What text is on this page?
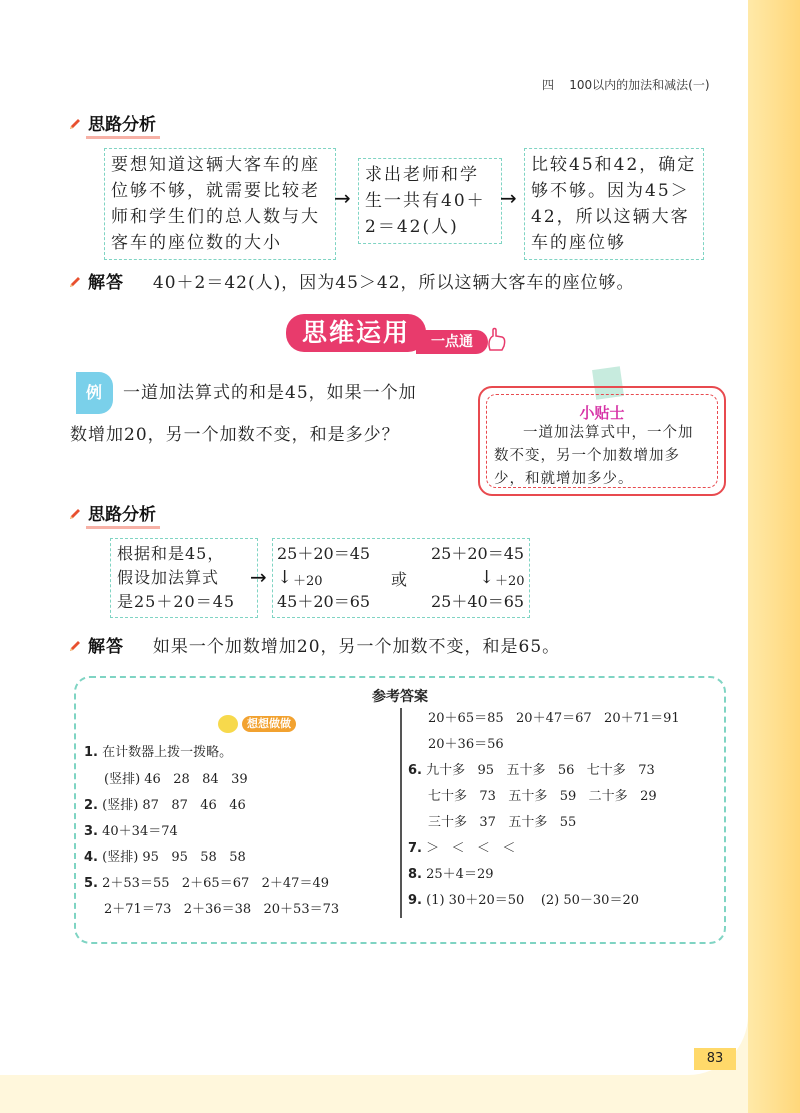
四 100以内的加法和减法(一)
思路分析
要想知道这辆大客车的座位够不够，就需要比较老师和学生们的总人数与大客车的座位数的大小
→
求出老师和学生一共有40＋2＝42(人)
→
比较45和42，确定够不够。因为45＞42，所以这辆大客车的座位够
解答 40＋2＝42(人)，因为45＞42，所以这辆大客车的座位够。
思维运用	一点通
例 一道加法算式的和是45，如果一个加
数增加20，另一个加数不变，和是多少？
小贴士
一道加法算式中，一个加数不变，另一个加数增加多少，和就增加多少。
思路分析
根据和是45，
假设加法算式
是25＋20＝45
→
25＋20＝45
↓ ＋20
45＋20＝65
或
25＋20＝45
↓ ＋20
25＋40＝65
解答 如果一个加数增加20，另一个加数不变，和是65。
参考答案
想想做做
1. 在计数器上拨一拨略。
(竖排) 46   28   84   39
2. (竖排) 87   87   46   46
3. 40＋34＝74
4. (竖排) 95   95   58   58
5. 2＋53＝55   2＋65＝67   2＋47＝49
2＋71＝73   2＋36＝38   20＋53＝73
20＋65＝85   20＋47＝67   20＋71＝91
20＋36＝56
6. 九十多   95   五十多   56   七十多   73
七十多   73   五十多   59   二十多   29
三十多   37   五十多   55
7. ＞   ＜   ＜   ＜
8. 25＋4＝29
9. (1) 30＋20＝50    (2) 50－30＝20
83
